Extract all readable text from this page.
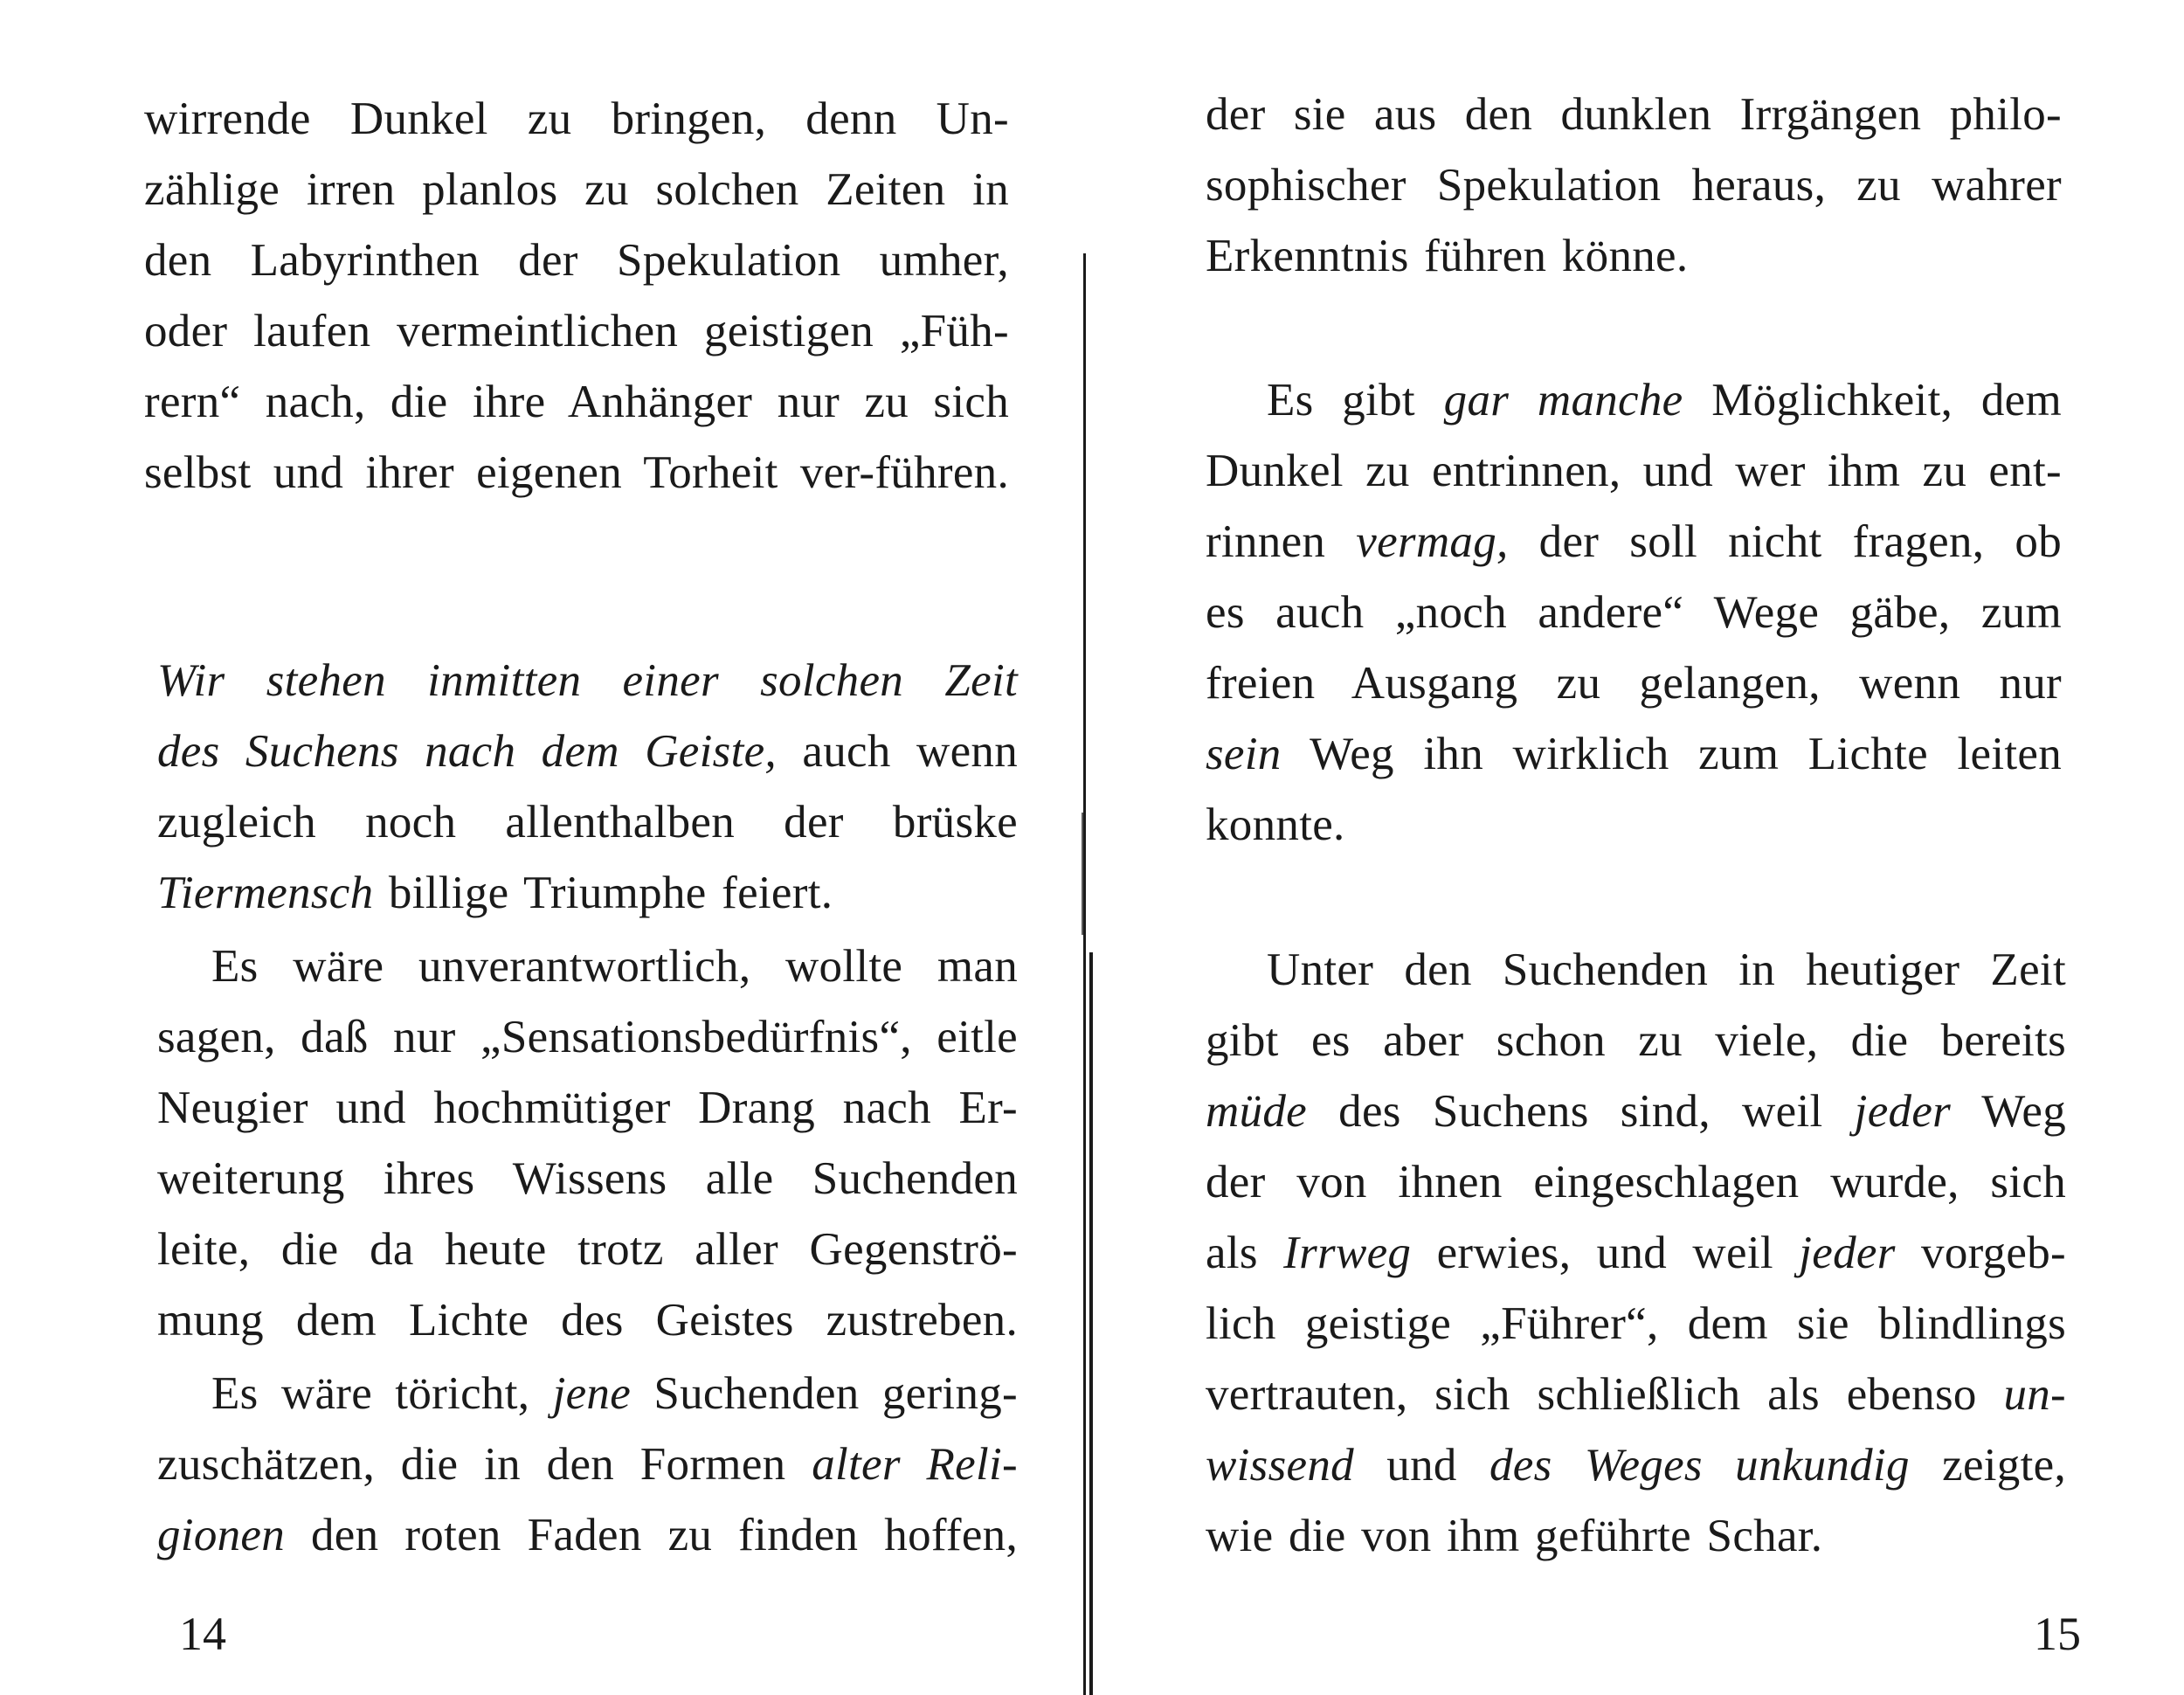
wirrende Dunkel zu bringen, denn Un-
zählige irren planlos zu solchen Zeiten in
den Labyrinthen der Spekulation umher,
oder laufen vermeintlichen geistigen „Füh-
rern“ nach, die ihre Anhänger nur zu sich
selbst und ihrer eigenen Torheit ver-führen.
Wir stehen inmitten einer solchen Zeit
des Suchens nach dem Geiste, auch wenn
zugleich noch allenthalben der brüske
Tiermensch billige Triumphe feiert.
Es wäre unverantwortlich, wollte man
sagen, daß nur „Sensationsbedürfnis“, eitle
Neugier und hochmütiger Drang nach Er-
weiterung ihres Wissens alle Suchenden
leite, die da heute trotz aller Gegenströ-
mung dem Lichte des Geistes zustreben.
Es wäre töricht, jene Suchenden gering-
zuschätzen, die in den Formen alter Reli-
gionen den roten Faden zu finden hoffen,
14
der sie aus den dunklen Irrgängen philo-
sophischer Spekulation heraus, zu wahrer
Erkenntnis führen könne.
Es gibt gar manche Möglichkeit, dem
Dunkel zu entrinnen, und wer ihm zu ent-
rinnen vermag, der soll nicht fragen, ob
es auch „noch andere“ Wege gäbe, zum
freien Ausgang zu gelangen, wenn nur
sein Weg ihn wirklich zum Lichte leiten
konnte.
Unter den Suchenden in heutiger Zeit
gibt es aber schon zu viele, die bereits
müde des Suchens sind, weil jeder Weg
der von ihnen eingeschlagen wurde, sich
als Irrweg erwies, und weil jeder vorgeb-
lich geistige „Führer“, dem sie blindlings
vertrauten, sich schließlich als ebenso un-
wissend und des Weges unkundig zeigte,
wie die von ihm geführte Schar.
15
